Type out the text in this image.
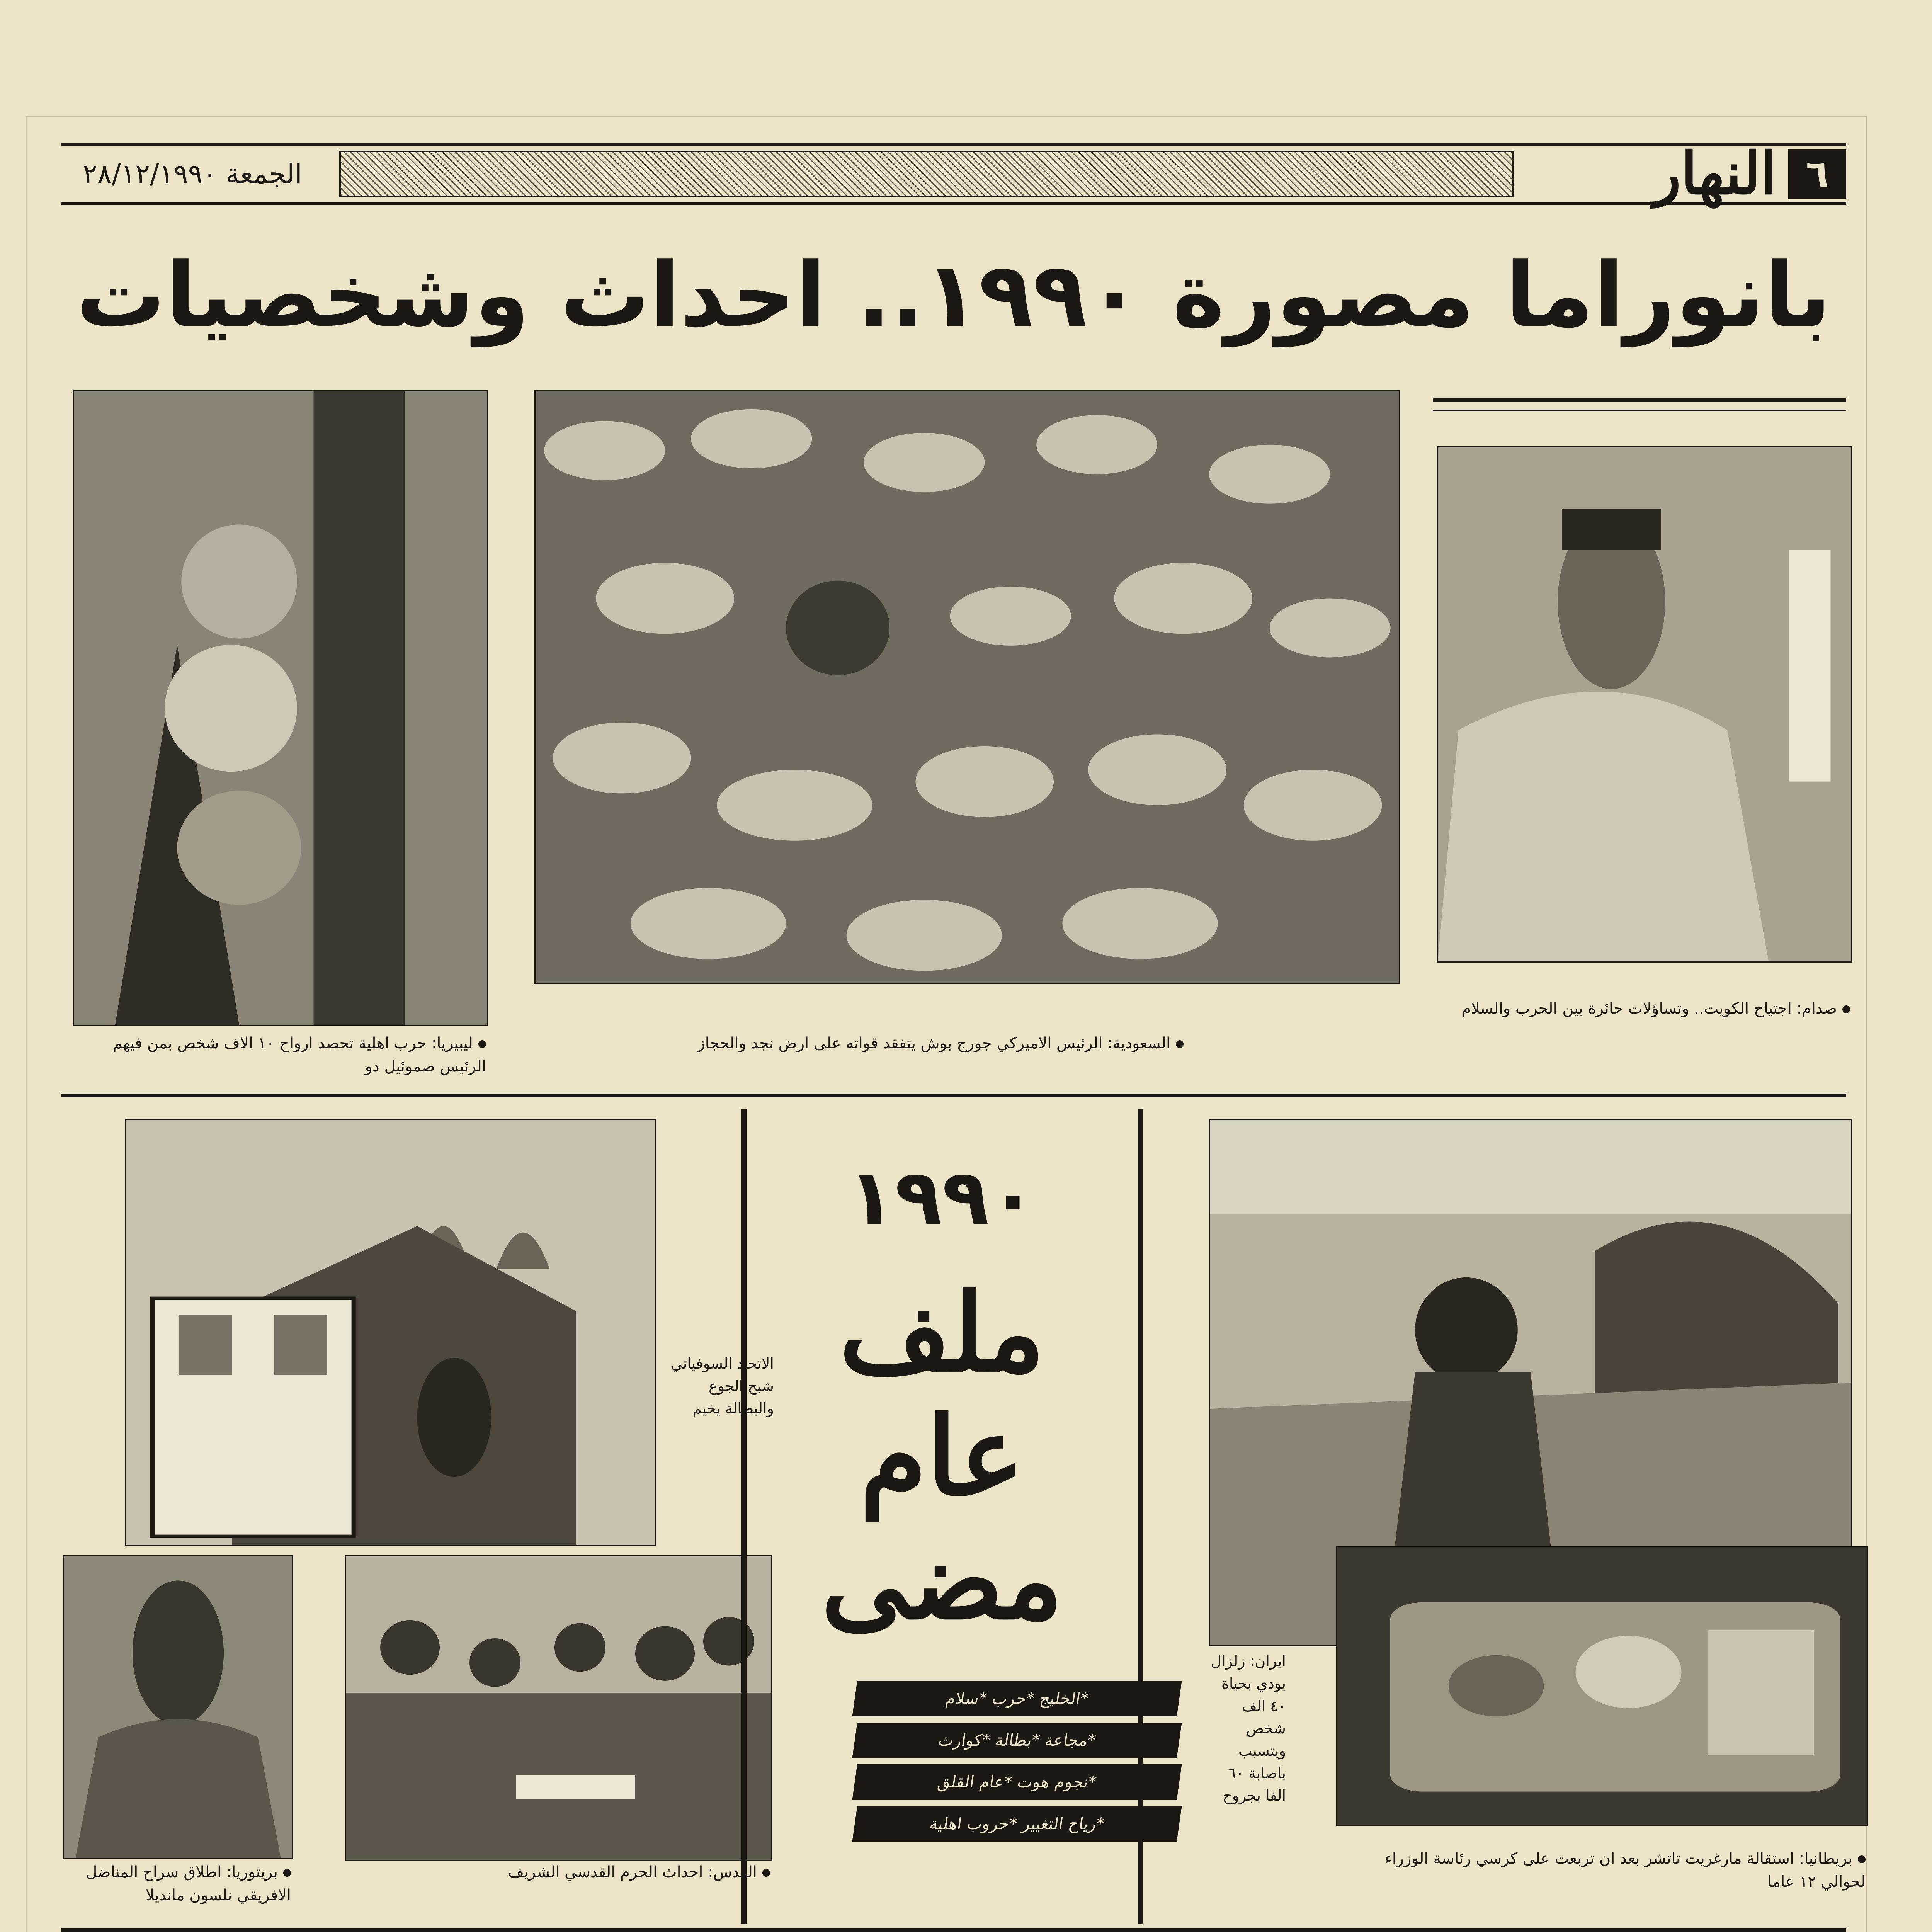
٦
النهار
الجمعة ٢٨/١٢/١٩٩٠
بانوراما مصورة ١٩٩٠.. احداث وشخصيات
ليبيريا: حرب اهلية تحصد ارواح ١٠ الاف شخص بمن فيهم الرئيس صموئيل دو
السعودية: الرئيس الاميركي جورج بوش يتفقد قواته على ارض نجد والحجاز
صدام: اجتياح الكويت.. وتساؤلات حائرة بين الحرب والسلام
الاتحاد السوفياتي شبح الجوع والبطالة يخيم
ايران: زلزال يودي بحياة ٤٠ الف شخص ويتسبب باصابة ٦٠ الفا بجروح
بريتوريا: اطلاق سراح المناضل الافريقي نلسون مانديلا
القدس: احداث الحرم القدسي الشريف
بريطانيا: استقالة مارغريت تاتشر بعد ان تربعت على كرسي رئاسة الوزراء لحوالي ١٢ عاما
١٩٩٠
ملف
عام
مضى
*الخليج *حرب *سلام
*مجاعة *بطالة *كوارث
*نجوم هوت *عام القلق
*رياح التغيير *حروب اهلية
